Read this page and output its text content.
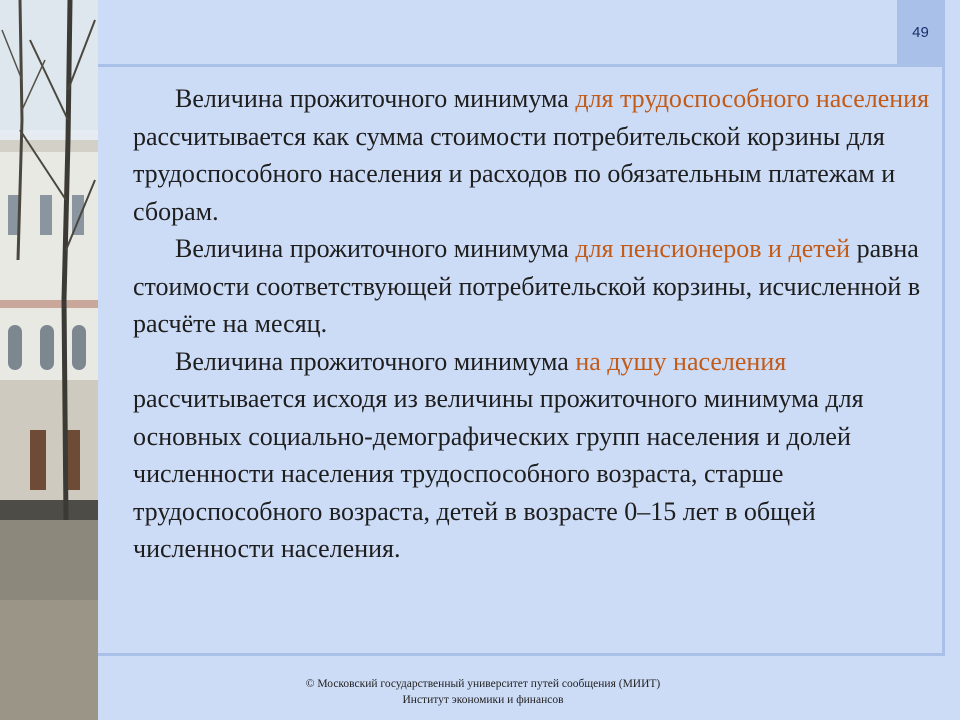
49

Величина прожиточного минимума для трудоспособного населения рассчитывается как сумма стоимости потребительской корзины для трудоспособного населения и расходов по обязательным платежам и сборам.

Величина прожиточного минимума для пенсионеров и детей равна стоимости соответствующей потребительской корзины, исчисленной в расчёте на месяц.

Величина прожиточного минимума на душу населения рассчитывается исходя из величины прожиточного минимума для основных социально-демографических групп населения и долей численности населения трудоспособного возраста, старше трудоспособного возраста, детей в возрасте 0–15 лет в общей численности населения.

© Московский государственный университет путей сообщения (МИИТ)
Институт экономики и финансов
